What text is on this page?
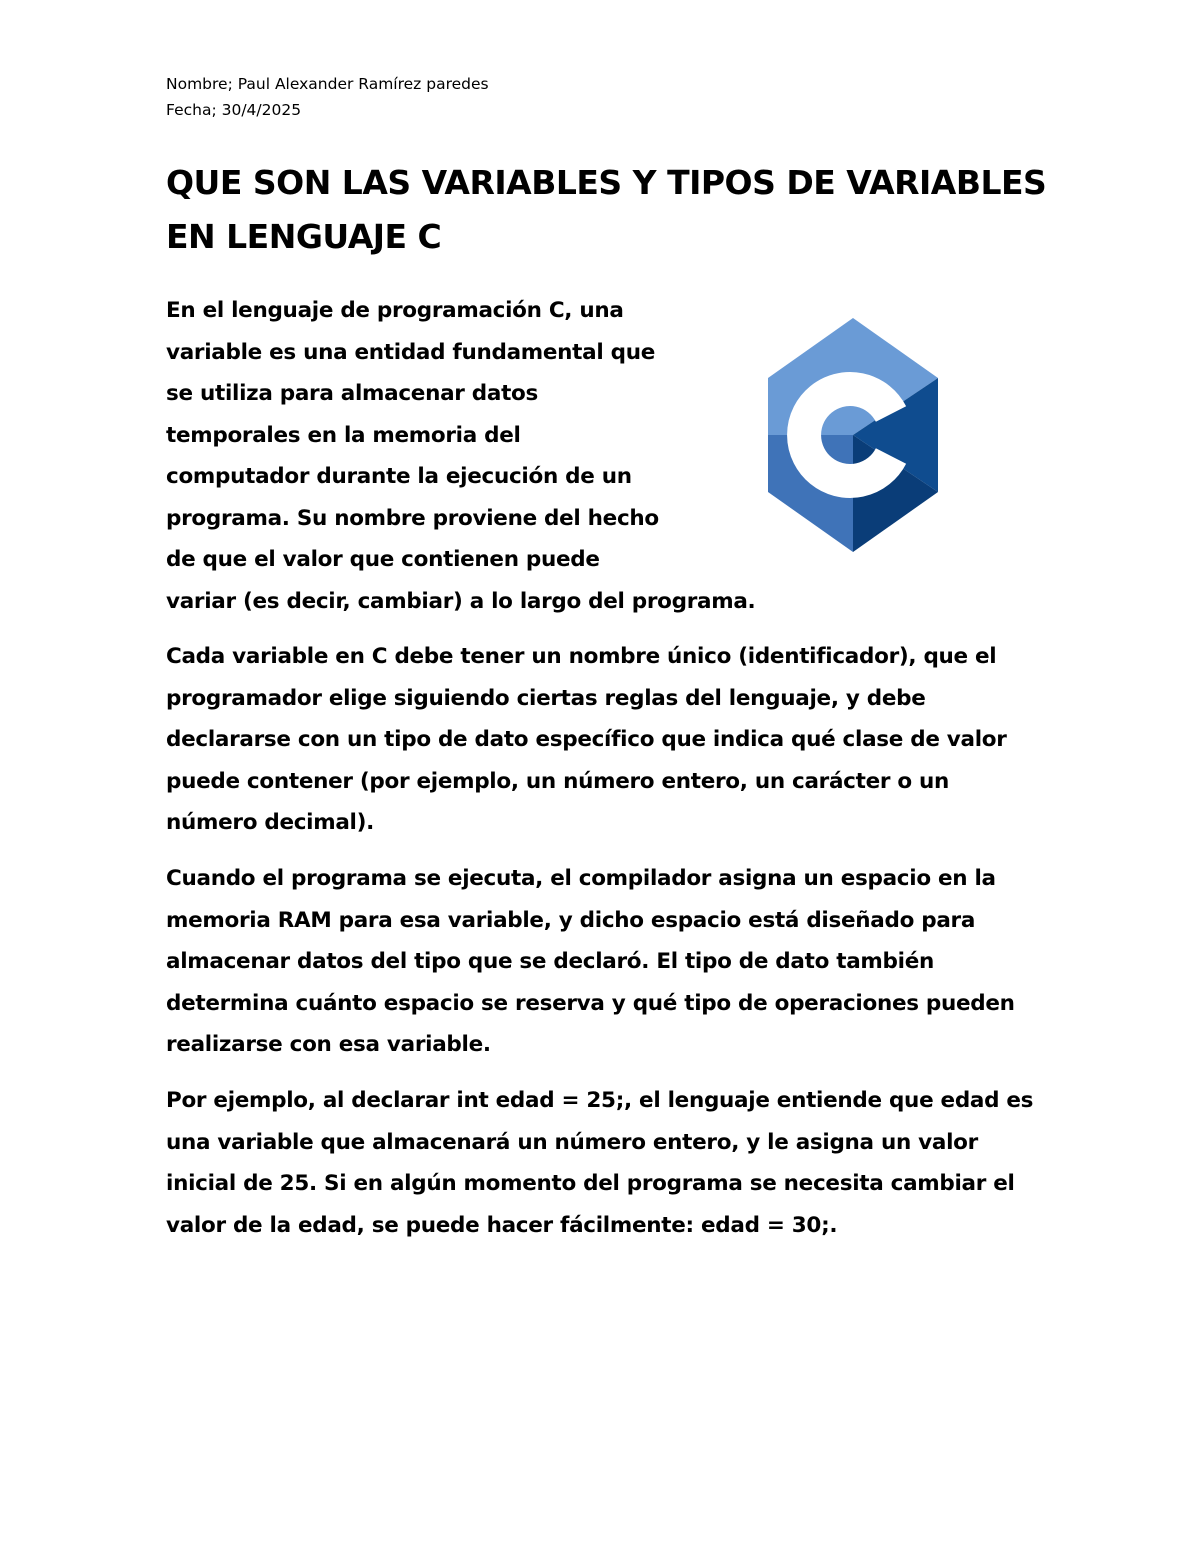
Nombre; Paul Alexander Ramírez paredes
Fecha; 30/4/2025
QUE SON LAS VARIABLES Y TIPOS DE VARIABLES EN LENGUAJE C

En el lenguaje de programación C, una variable es una entidad fundamental que se utiliza para almacenar datos temporales en la memoria del computador durante la ejecución de un programa. Su nombre proviene del hecho de que el valor que contienen puede variar (es decir, cambiar) a lo largo del programa.

Cada variable en C debe tener un nombre único (identificador), que el programador elige siguiendo ciertas reglas del lenguaje, y debe declararse con un tipo de dato específico que indica qué clase de valor puede contener (por ejemplo, un número entero, un carácter o un número decimal).

Cuando el programa se ejecuta, el compilador asigna un espacio en la memoria RAM para esa variable, y dicho espacio está diseñado para almacenar datos del tipo que se declaró. El tipo de dato también determina cuánto espacio se reserva y qué tipo de operaciones pueden realizarse con esa variable.

Por ejemplo, al declarar int edad = 25;, el lenguaje entiende que edad es una variable que almacenará un número entero, y le asigna un valor inicial de 25. Si en algún momento del programa se necesita cambiar el valor de la edad, se puede hacer fácilmente: edad = 30;.
